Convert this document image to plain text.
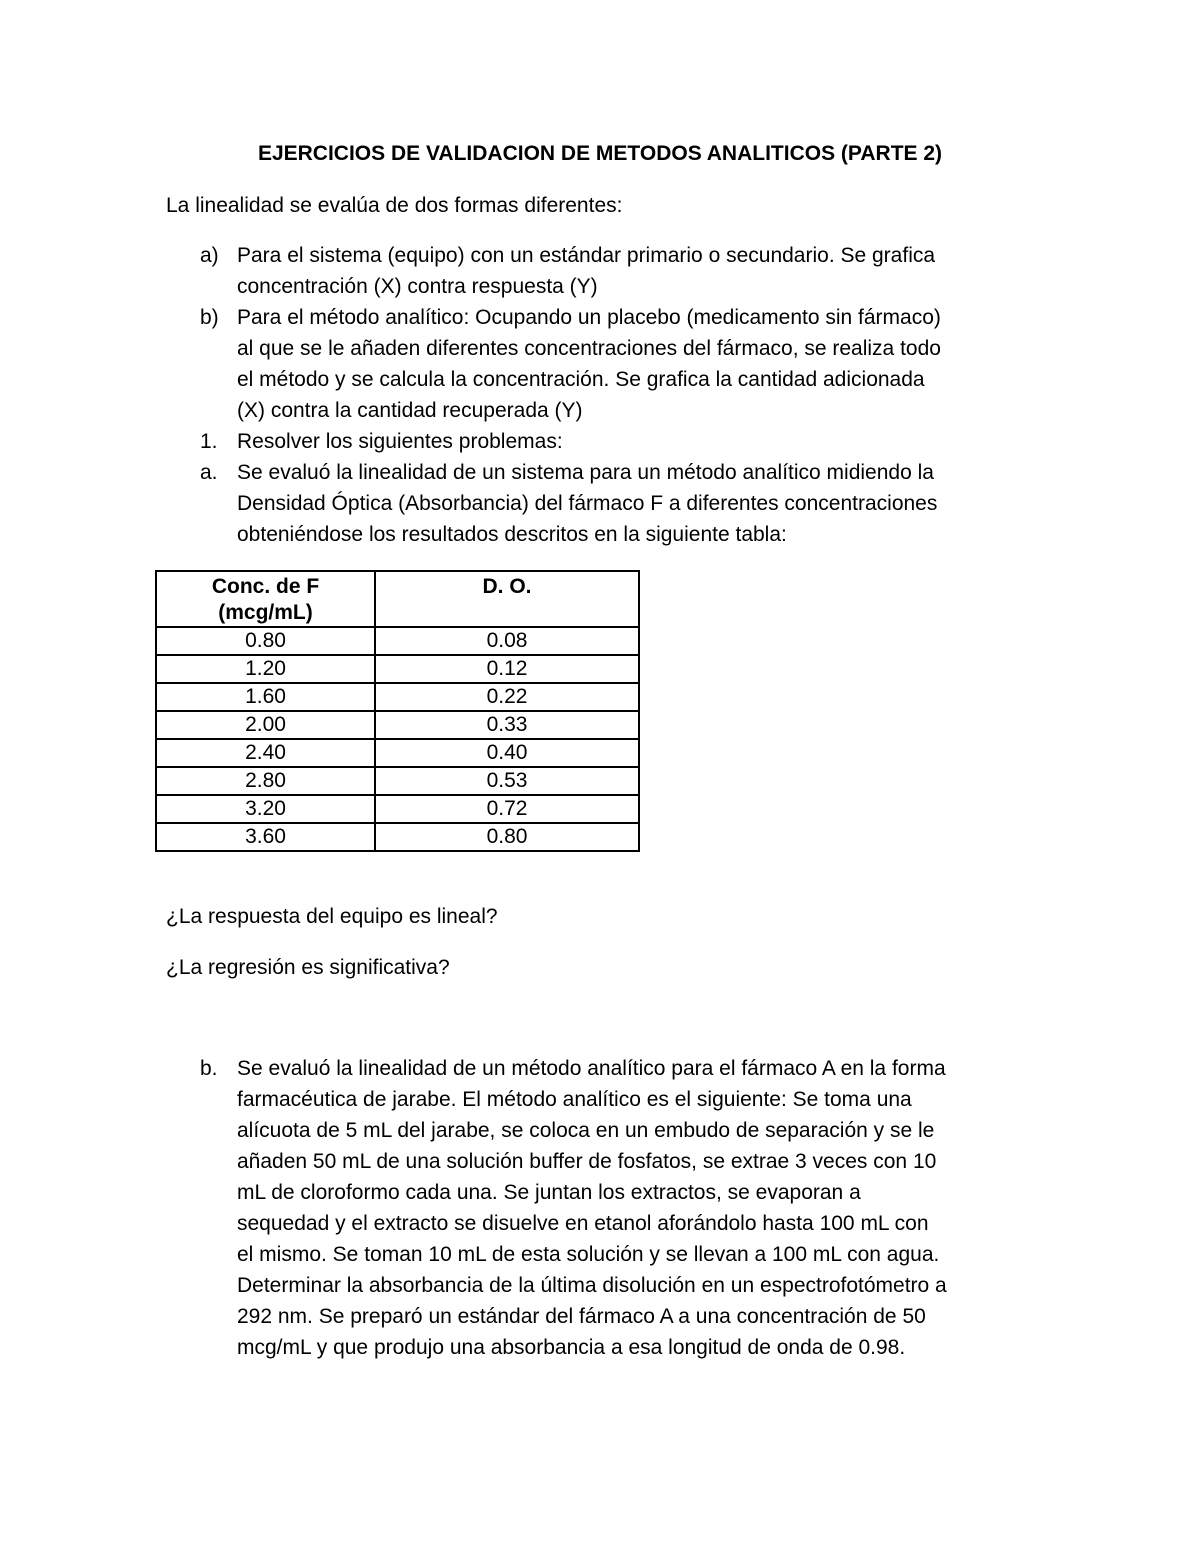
EJERCICIOS DE VALIDACION DE METODOS ANALITICOS (PARTE 2)
La linealidad se evalúa de dos formas diferentes:
a) Para el sistema (equipo) con un estándar primario o secundario. Se grafica
concentración (X) contra respuesta (Y)
b) Para el método analítico: Ocupando un placebo (medicamento sin fármaco)
al que se le añaden diferentes concentraciones del fármaco, se realiza todo
el método y se calcula la concentración. Se grafica la cantidad adicionada
(X) contra la cantidad recuperada (Y)
1. Resolver los siguientes problemas:
a. Se evaluó la linealidad de un sistema para un método analítico midiendo la
Densidad Óptica (Absorbancia) del fármaco F a diferentes concentraciones
obteniéndose los resultados descritos en la siguiente tabla:
Conc. de F
(mcg/mL)	D. O.
0.80	0.08
1.20	0.12
1.60	0.22
2.00	0.33
2.40	0.40
2.80	0.53
3.20	0.72
3.60	0.80
¿La respuesta del equipo es lineal?
¿La regresión es significativa?
b. Se evaluó la linealidad de un método analítico para el fármaco A en la forma
farmacéutica de jarabe. El método analítico es el siguiente: Se toma una
alícuota de 5 mL del jarabe, se coloca en un embudo de separación y se le
añaden 50 mL de una solución buffer de fosfatos, se extrae 3 veces con 10
mL de cloroformo cada una. Se juntan los extractos, se evaporan a
sequedad y el extracto se disuelve en etanol aforándolo hasta 100 mL con
el mismo. Se toman 10 mL de esta solución y se llevan a 100 mL con agua.
Determinar la absorbancia de la última disolución en un espectrofotómetro a
292 nm. Se preparó un estándar del fármaco A a una concentración de 50
mcg/mL y que produjo una absorbancia a esa longitud de onda de 0.98.
